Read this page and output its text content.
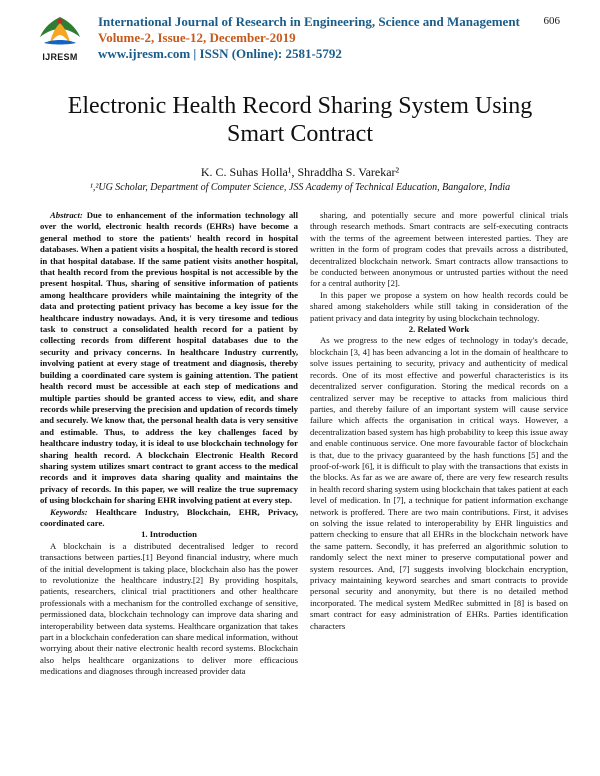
IJRESM
International Journal of Research in Engineering, Science and Management
Volume-2, Issue-12, December-2019
www.ijresm.com | ISSN (Online): 2581-5792
606
Electronic Health Record Sharing System Using
Smart Contract
K. C. Suhas Holla¹, Shraddha S. Varekar²
¹,²UG Scholar, Department of Computer Science, JSS Academy of Technical Education, Bangalore, India

Abstract: Due to enhancement of the information technology all over the world, electronic health records (EHRs) have become a general method to store the patients' health record in hospital databases. When a patient visits a hospital, the health record is stored in that hospital database. If the same patient visits another hospital, that health record from the previous hospital is not accessible by the present hospital. Thus, sharing of sensitive information of patients among healthcare providers while maintaining the integrity of the data and protecting patient privacy has become a key issue for the healthcare industry nowadays. And, it is very tiresome and tedious task to construct a consolidated health record for a patient by collecting records from different hospital databases due to the security and privacy concerns. In healthcare Industry currently, involving patient at every stage of treatment and diagnosis, thereby building a coordinated care system is gaining attention. The patient health record must be accessible at each step of medications and multiple parties should be granted access to view, edit, and share records while preserving the precision and updation of records timely and securely. We know that, the personal health data is very sensitive and estimable. Thus, to address the key challenges faced by healthcare industry today, it is ideal to use blockchain technology for sharing health record. A blockchain Electronic Health Record sharing system utilizes smart contract to grant access to the medical records and it improves data sharing quality and maintains the privacy of records. In this paper, we will realize the true supremacy of using blockchain for sharing EHR involving patient at every step.

Keywords: Healthcare Industry, Blockchain, EHR, Privacy, coordinated care.

1. Introduction

A blockchain is a distributed decentralised ledger to record transactions between parties.[1] Beyond financial industry, where much of the initial development is taking place, blockchain also has the power to revolutionize the healthcare industry.[2] By providing hospitals, patients, researchers, clinical trial practitioners and other healthcare professionals with a mechanism for the controlled exchange of sensitive, permissioned data, blockchain technology can improve data sharing and interoperability between data systems. Healthcare organization that takes part in a blockchain confederation can share medical information, without worrying about their native electronic health record systems. Blockchain also helps healthcare organizations to deliver more efficacious medications and diagnoses through increased provider data

sharing, and potentially secure and more powerful clinical trials through research methods. Smart contracts are self-executing contracts with the terms of the agreement between interested parties. They are written in the form of program codes that prevails across a distributed, decentralized blockchain network. Smart contracts allow transactions to be conducted between anonymous or untrusted parties without the need for a central authority [2].

In this paper we propose a system on how health records could be shared among stakeholders while still taking in consideration of the patient privacy and data integrity by using blockchain technology.

2. Related Work

As we progress to the new edges of technology in today's decade, blockchain [3, 4] has been advancing a lot in the domain of healthcare to solve issues pertaining to security, privacy and authenticity of medical records. One of its most effective and powerful characteristics is its decentralized server configuration. Storing the medical records on a centralized server may be receptive to attacks from malicious third parties, and thereby failure of an important system will cause service failure which affects the organisation in critical ways. However, a decentralization based system has high probability to keep this issue away and enable continuous service. One more favourable factor of blockchain is that, due to the privacy guaranteed by the hash functions [5] and the proof-of-work [6], it is difficult to play with the transactions that exists in the blocks. As far as we are aware of, there are very few research results in health record sharing system using blockchain that takes patient at each level of medication. In [7], a technique for patient information exchange network is proffered. There are two main contributions. First, it advises on solving the issue related to interoperability by EHR linguistics and pattern checking to ensure that all EHRs in the blockchain network have the same pattern. Secondly, it has preferred an algorithmic solution to randomly select the next miner to preserve computational power and system resources. And, [7] suggests involving blockchain encryption, privacy maintaining keyword searches and smart contracts to provide personal security and anonymity, but there is no detailed method incorporated. The medical system MedRec submitted in [8] is based on smart contract for easy administration of EHRs. Parties identification characters
